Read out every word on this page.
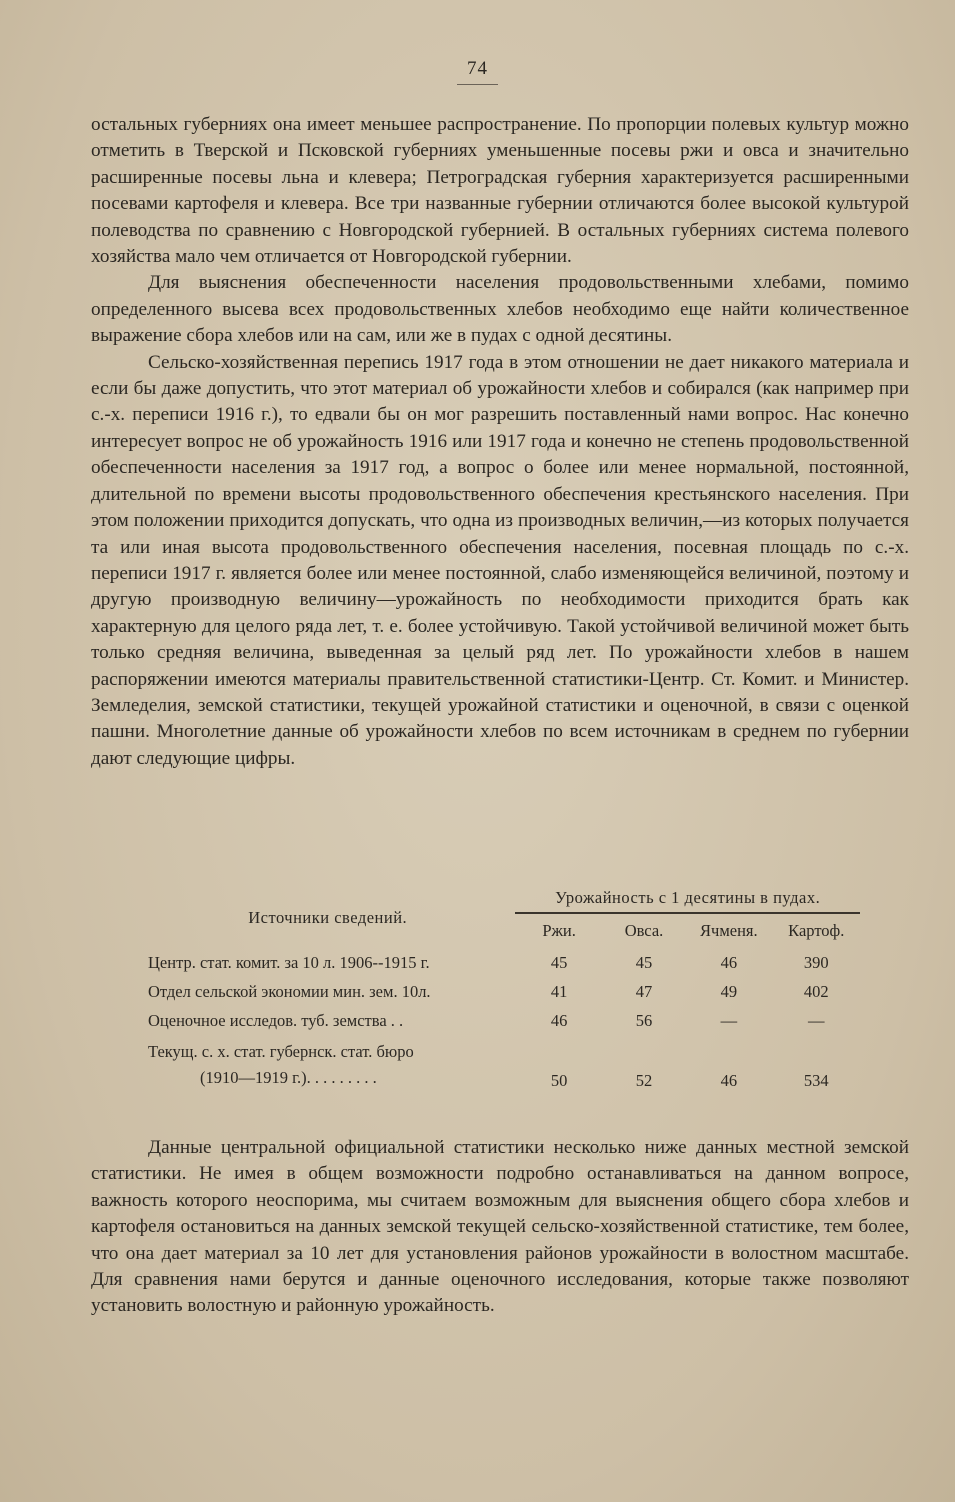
74

остальных губерниях она имеет меньшее распространение. По пропорции полевых культур можно отметить в Тверской и Псковской губерниях уменьшенные посевы ржи и овса и значительно расширенные посевы льна и клевера; Петроградская губерния характеризуется расширенными посевами картофеля и клевера. Все три названные губернии отличаются более высокой культурой полеводства по сравнению с Новгородской губернией. В остальных губерниях система полевого хозяйства мало чем отличается от Новгородской губернии.

Для выяснения обеспеченности населения продовольственными хлебами, помимо определенного высева всех продовольственных хлебов необходимо еще найти количественное выражение сбора хлебов или на сам, или же в пудах с одной десятины.

Сельско-хозяйственная перепись 1917 года в этом отношении не дает никакого материала и если бы даже допустить, что этот материал об урожайности хлебов и собирался (как например при с.-х. переписи 1916 г.), то едвали бы он мог разрешить поставленный нами вопрос. Нас конечно интересует вопрос не об урожайность 1916 или 1917 года и конечно не степень продовольственной обеспеченности населения за 1917 год, а вопрос о более или менее нормальной, постоянной, длительной по времени высоты продовольственного обеспечения крестьянского населения. При этом положении приходится допускать, что одна из производных величин,—из которых получается та или иная высота продовольственного обеспечения населения, посевная площадь по с.-х. переписи 1917 г. является более или менее постоянной, слабо изменяющейся величиной, поэтому и другую производную величину—урожайность по необходимости приходится брать как характерную для целого ряда лет, т. е. более устойчивую. Такой устойчивой величиной может быть только средняя величина, выведенная за целый ряд лет. По урожайности хлебов в нашем распоряжении имеются материалы правительственной статистики-Центр. Ст. Комит. и Министер. Земледелия, земской статистики, текущей урожайной статистики и оценочной, в связи с оценкой пашни. Многолетние данные об урожайности хлебов по всем источникам в среднем по губернии дают следующие цифры.

Источники сведений.	Урожайность с 1 десятины в пудах.			
	Ржи.	Овса.	Ячменя.	Картоф.
Центр. стат. комит. за 10 л. 1906--1915 г.	45	45	46	390
Отдел сельской экономии мин. зем. 10л.	41	47	49	402
Оценочное исследов. туб. земства . .	46	56	—	—

Текущ. с. х. стат. губернск. стат. бюро
(1910—1919 г.). . . . . . . . .	50	52	46	534

Данные центральной официальной статистики несколько ниже данных местной земской статистики. Не имея в общем возможности подробно останавливаться на данном вопросе, важность которого неоспорима, мы считаем возможным для выяснения общего сбора хлебов и картофеля остановиться на данных земской текущей сельско-хозяйственной статистике, тем более, что она дает материал за 10 лет для установления районов урожайности в волостном масштабе. Для сравнения нами берутся и данные оценочного исследования, которые также позволяют установить волостную и районную урожайность.
